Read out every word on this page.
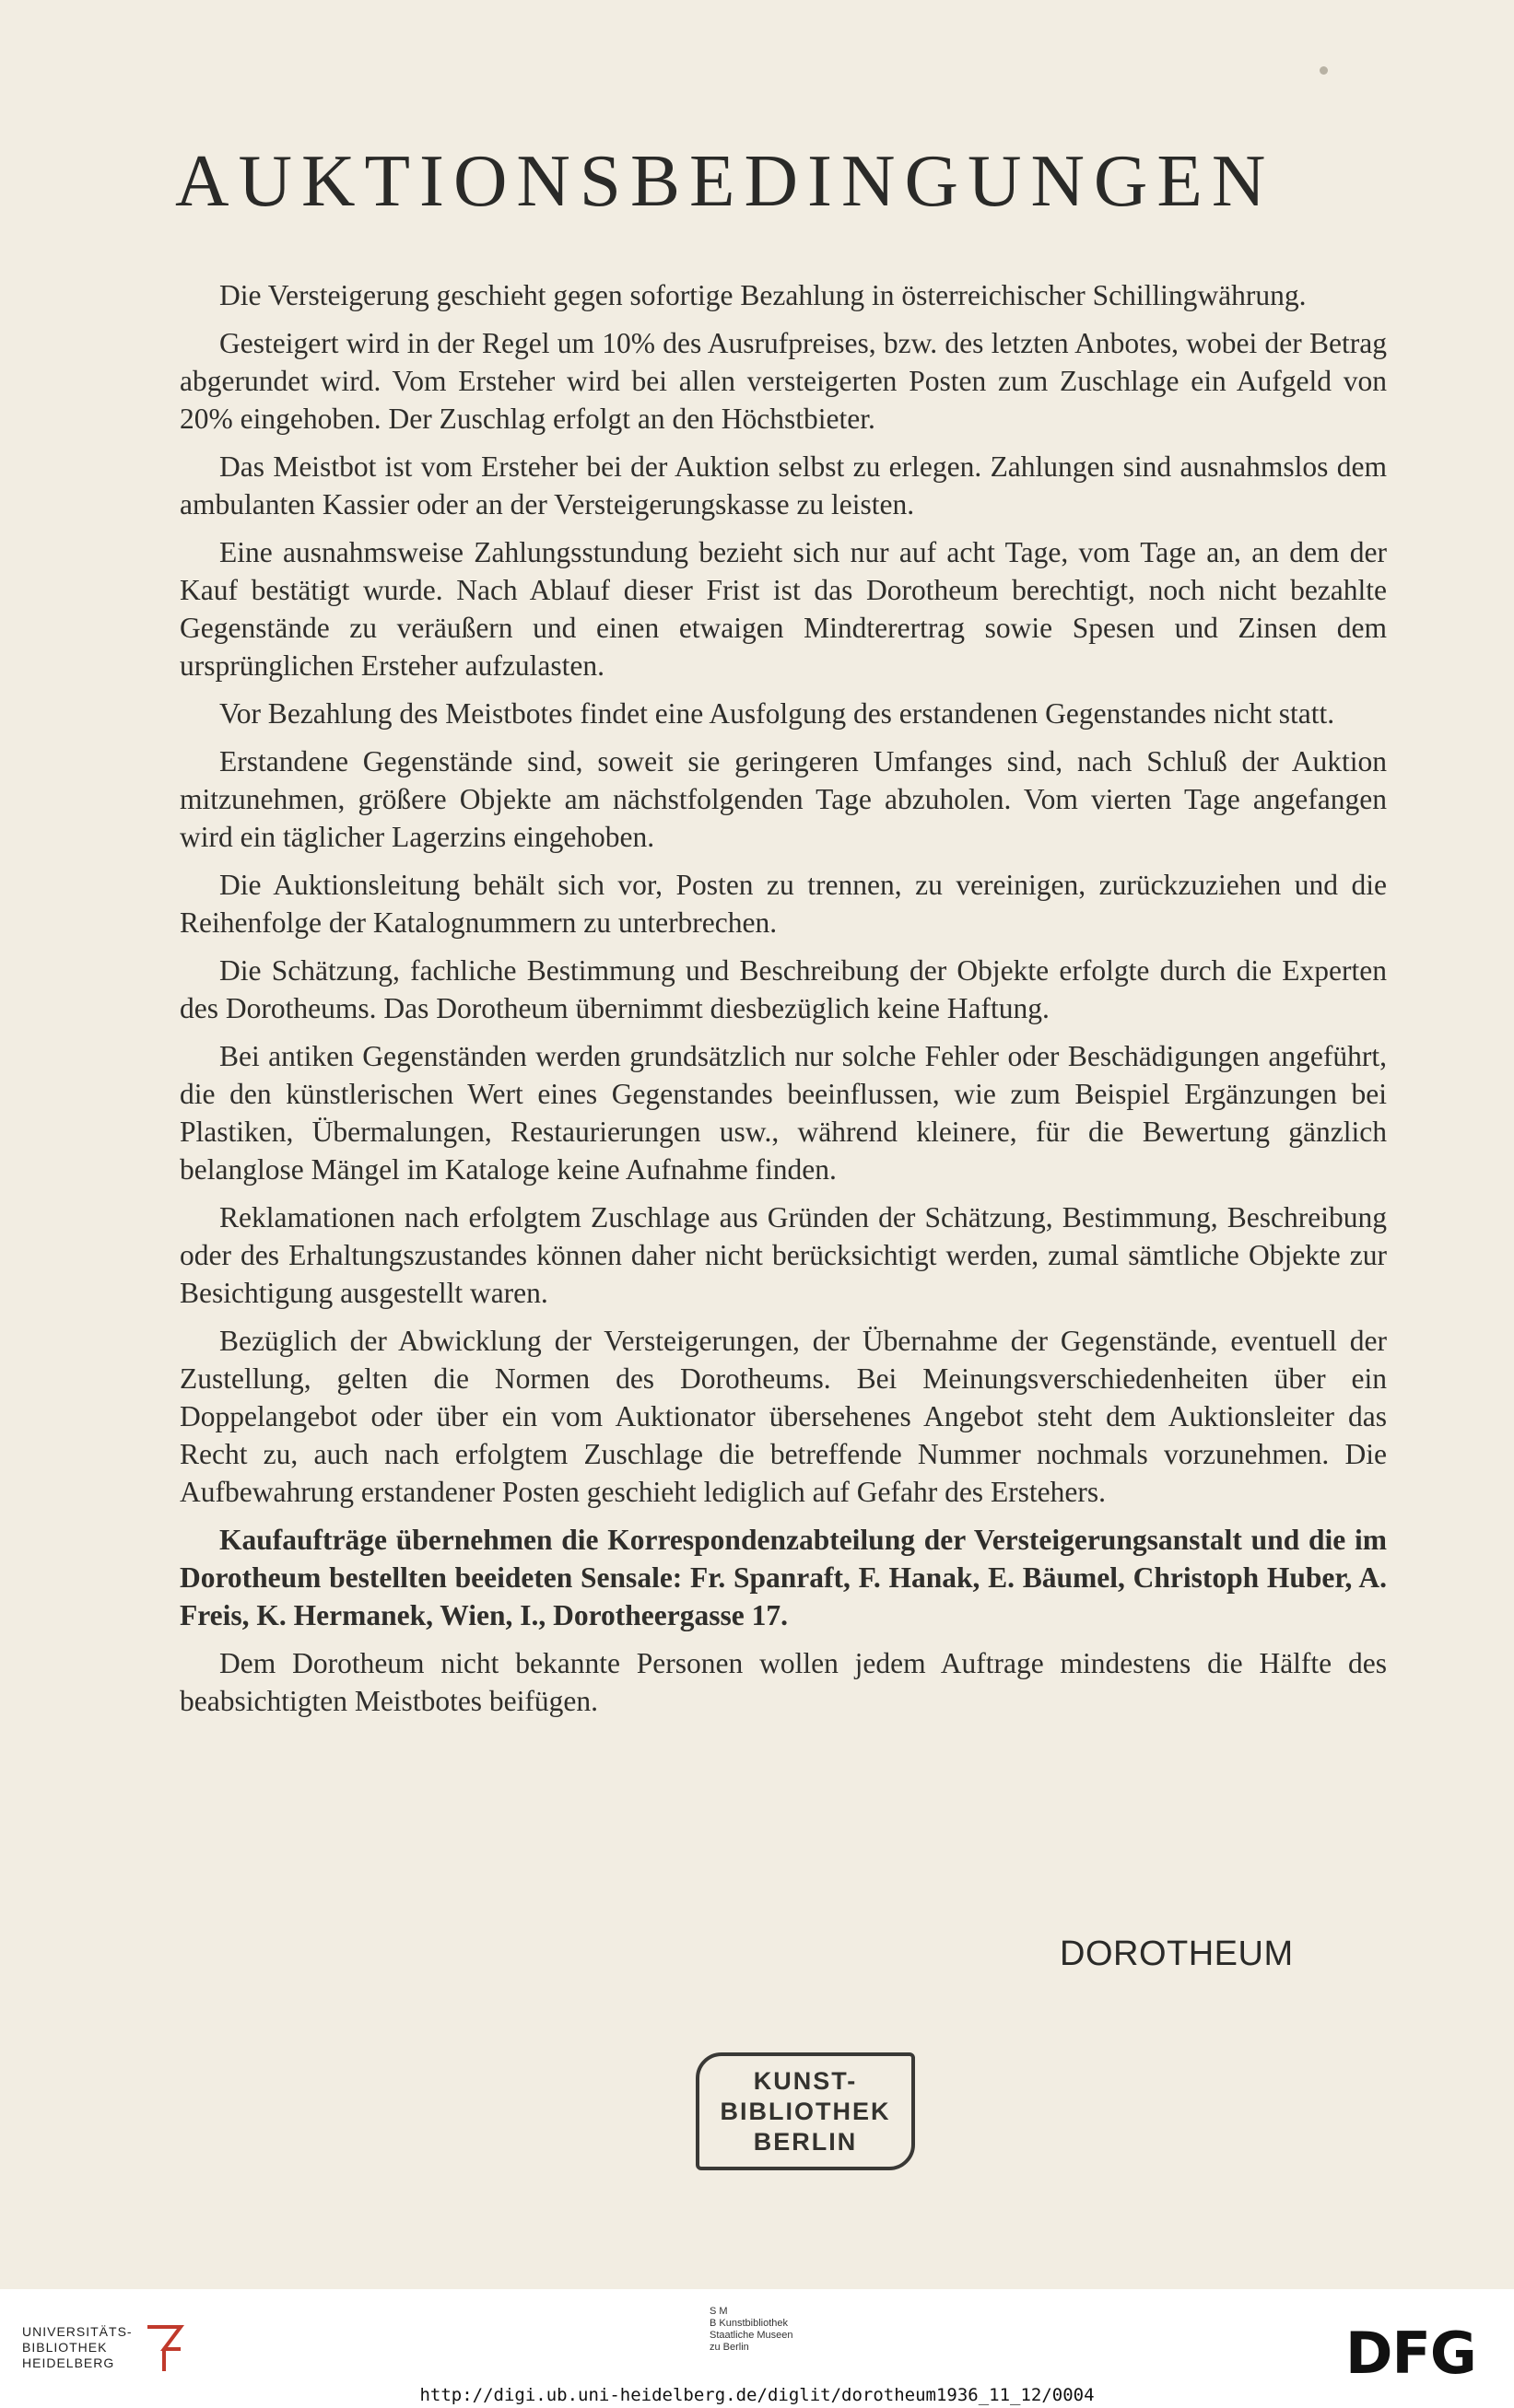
AUKTIONSBEDINGUNGEN

Die Versteigerung geschieht gegen sofortige Bezahlung in österreichischer Schillingwährung.

Gesteigert wird in der Regel um 10% des Ausrufpreises, bzw. des letzten Anbotes, wobei der Betrag abgerundet wird. Vom Ersteher wird bei allen versteigerten Posten zum Zuschlage ein Aufgeld von 20% eingehoben. Der Zuschlag erfolgt an den Höchstbieter.

Das Meistbot ist vom Ersteher bei der Auktion selbst zu erlegen. Zahlungen sind ausnahmslos dem ambulanten Kassier oder an der Versteigerungskasse zu leisten.

Eine ausnahmsweise Zahlungsstundung bezieht sich nur auf acht Tage, vom Tage an, an dem der Kauf bestätigt wurde. Nach Ablauf dieser Frist ist das Dorotheum berechtigt, noch nicht bezahlte Gegenstände zu veräußern und einen etwaigen Mindterertrag sowie Spesen und Zinsen dem ursprünglichen Ersteher aufzulasten.

Vor Bezahlung des Meistbotes findet eine Ausfolgung des erstandenen Gegenstandes nicht statt.

Erstandene Gegenstände sind, soweit sie geringeren Umfanges sind, nach Schluß der Auktion mitzunehmen, größere Objekte am nächstfolgenden Tage abzuholen. Vom vierten Tage angefangen wird ein täglicher Lagerzins eingehoben.

Die Auktionsleitung behält sich vor, Posten zu trennen, zu vereinigen, zurückzuziehen und die Reihenfolge der Katalognummern zu unterbrechen.

Die Schätzung, fachliche Bestimmung und Beschreibung der Objekte erfolgte durch die Experten des Dorotheums. Das Dorotheum übernimmt diesbezüglich keine Haftung.

Bei antiken Gegenständen werden grundsätzlich nur solche Fehler oder Beschädigungen angeführt, die den künstlerischen Wert eines Gegenstandes beeinflussen, wie zum Beispiel Ergänzungen bei Plastiken, Übermalungen, Restaurierungen usw., während kleinere, für die Bewertung gänzlich belanglose Mängel im Kataloge keine Aufnahme finden.

Reklamationen nach erfolgtem Zuschlage aus Gründen der Schätzung, Bestimmung, Beschreibung oder des Erhaltungszustandes können daher nicht berücksichtigt werden, zumal sämtliche Objekte zur Besichtigung ausgestellt waren.

Bezüglich der Abwicklung der Versteigerungen, der Übernahme der Gegenstände, eventuell der Zustellung, gelten die Normen des Dorotheums. Bei Meinungsverschiedenheiten über ein Doppelangebot oder über ein vom Auktionator übersehenes Angebot steht dem Auktionsleiter das Recht zu, auch nach erfolgtem Zuschlage die betreffende Nummer nochmals vorzunehmen. Die Aufbewahrung erstandener Posten geschieht lediglich auf Gefahr des Erstehers.

Kaufaufträge übernehmen die Korrespondenzabteilung der Versteigerungsanstalt und die im Dorotheum bestellten beeideten Sensale: Fr. Spanraft, F. Hanak, E. Bäumel, Christoph Huber, A. Freis, K. Hermanek, Wien, I., Dorotheergasse 17.

Dem Dorotheum nicht bekannte Personen wollen jedem Auftrage mindestens die Hälfte des beabsichtigten Meistbotes beifügen.

DOROTHEUM
KUNST-
BIBLIOTHEK
BERLIN
UNIVERSITÄTS-
BIBLIOTHEK
HEIDELBERG
S M
B Kunstbibliothek
Staatliche Museen
zu Berlin	DFG
http://digi.ub.uni-heidelberg.de/diglit/dorotheum1936_11_12/0004
